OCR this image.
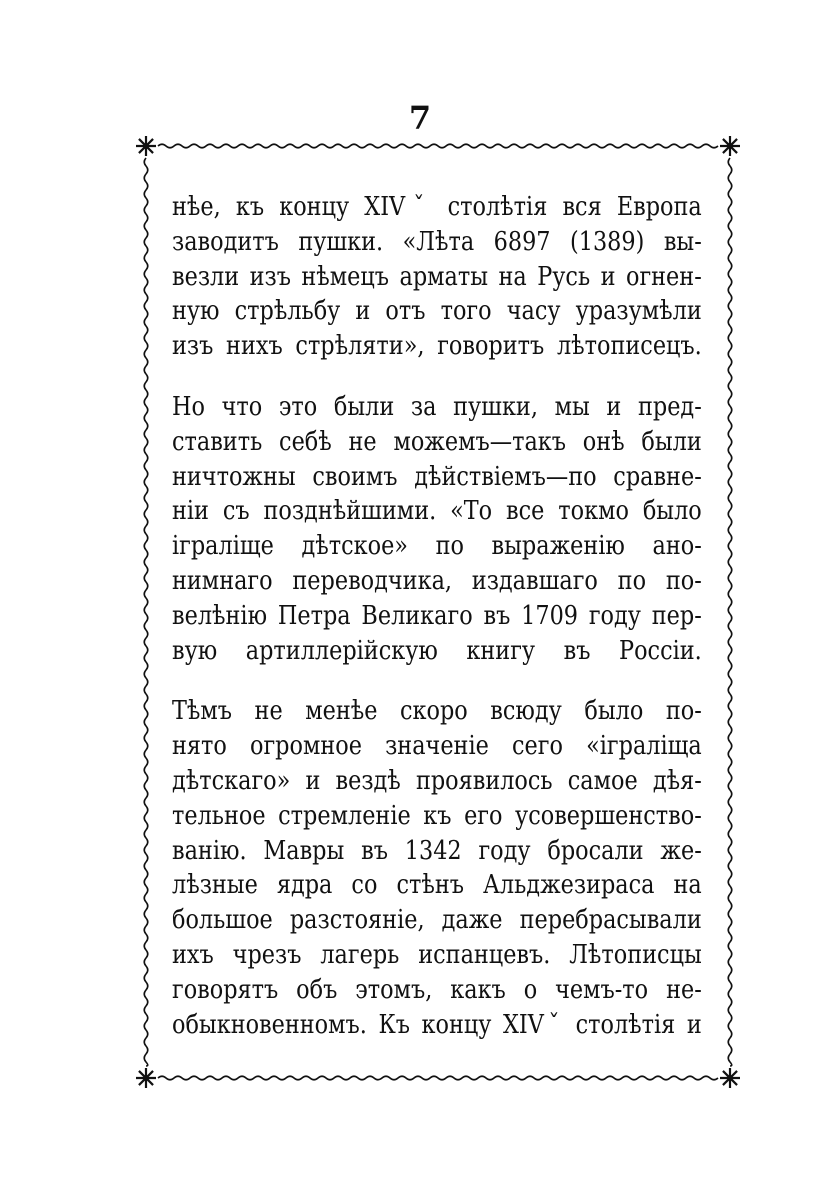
7
нѣе, къ концу XIVˇ столѣтія вся Европа
заводитъ пушки. «Лѣта 6897 (1389) вы-
везли изъ нѣмецъ арматы на Русь и огнен-
ную стрѣльбу и отъ того часу уразумѣли
изъ нихъ стрѣляти», говоритъ лѣтописецъ.
Но что это были за пушки, мы и пред-
ставить себѣ не можемъ—такъ онѣ были
ничтожны своимъ дѣйствіемъ—по сравне-
ніи съ позднѣйшими. «То все токмо было
іграліще дѣтское» по выраженію ано-
нимнаго переводчика, издавшаго по по-
велѣнію Петра Великаго въ 1709 году пер-
вую артиллерійскую книгу въ Россіи.
Тѣмъ не менѣе скоро всюду было по-
нято огромное значеніе сего «іграліща
дѣтскаго» и вездѣ проявилось самое дѣя-
тельное стремленіе къ его усовершенство-
ванію. Мавры въ 1342 году бросали же-
лѣзные ядра со стѣнъ Альджезираса на
большое разстояніе, даже перебрасывали
ихъ чрезъ лагерь испанцевъ. Лѣтописцы
говорятъ объ этомъ, какъ о чемъ-то не-
обыкновенномъ. Къ концу XIVˇ столѣтія и
